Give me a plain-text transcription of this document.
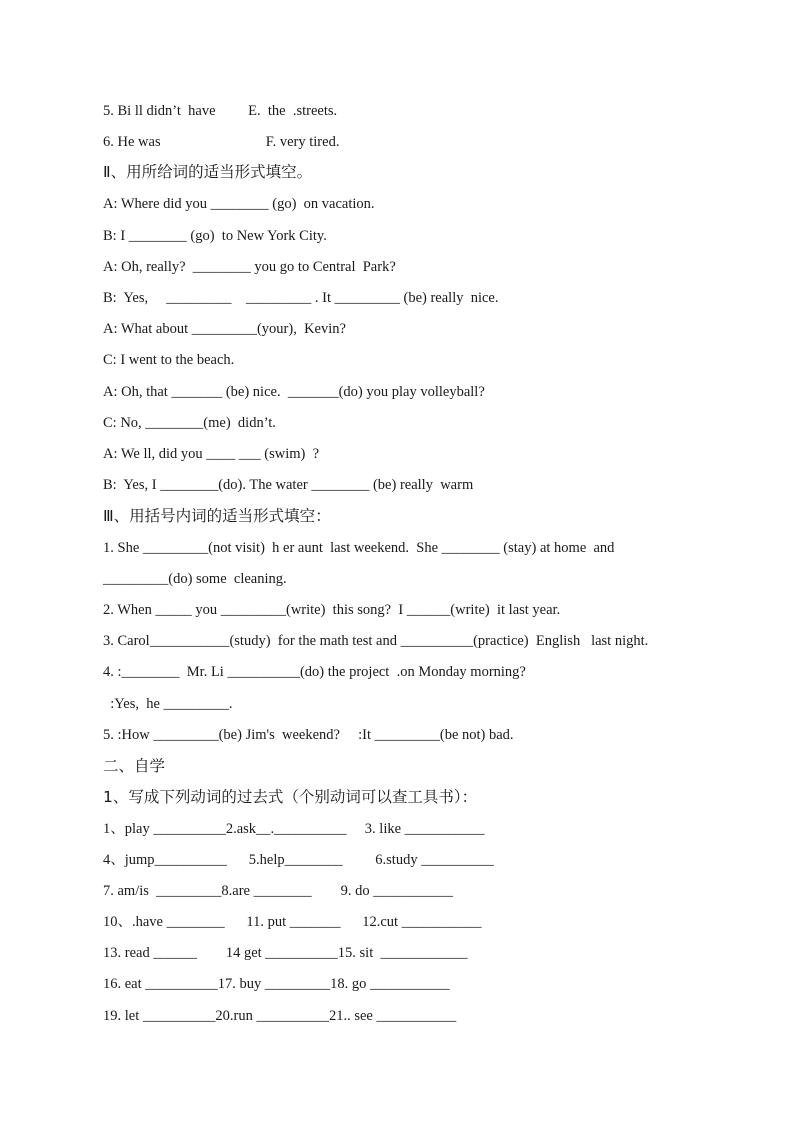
5. Bi ll didn’t  have         E.  the  .streets.
6. He was                             F. very tired.
Ⅱ、用所给词的适当形式填空。
A: Where did you ________ (go)  on vacation.
B: I ________ (go)  to New York City.
A: Oh, really?  ________ you go to Central  Park?
B:  Yes,     _________    _________ . It _________ (be) really  nice.
A: What about _________(your),  Kevin?
C: I went to the beach.
A: Oh, that _______ (be) nice.  _______(do) you play volleyball?
C: No, ________(me)  didn’t.
A: We ll, did you ____ ___ (swim)  ?
B:  Yes, I ________(do). The water ________ (be) really  warm
Ⅲ、用括号内词的适当形式填空：
1. She _________(not visit)  h er aunt  last weekend.  She ________ (stay) at home  and
_________(do) some  cleaning.
2. When _____ you _________(write)  this song?  I ______(write)  it last year.
3. Carol___________(study)  for the math test and __________(practice)  English   last night.
4. :________  Mr. Li __________(do) the project  .on Monday morning?
:Yes,  he _________.
5. :How _________(be) Jim's  weekend?     :It _________(be not) bad.
二、自学
1、写成下列动词的过去式（个别动词可以查工具书）：
1、play __________2.ask__.__________     3. like ___________
4、jump__________      5.help________         6.study __________
7. am/is  _________8.are ________        9. do ___________
10、.have ________      11. put _______      12.cut ___________
13. read ______        14 get __________15. sit  ____________
16. eat __________17. buy _________18. go ___________
19. let __________20.run __________21.. see ___________
